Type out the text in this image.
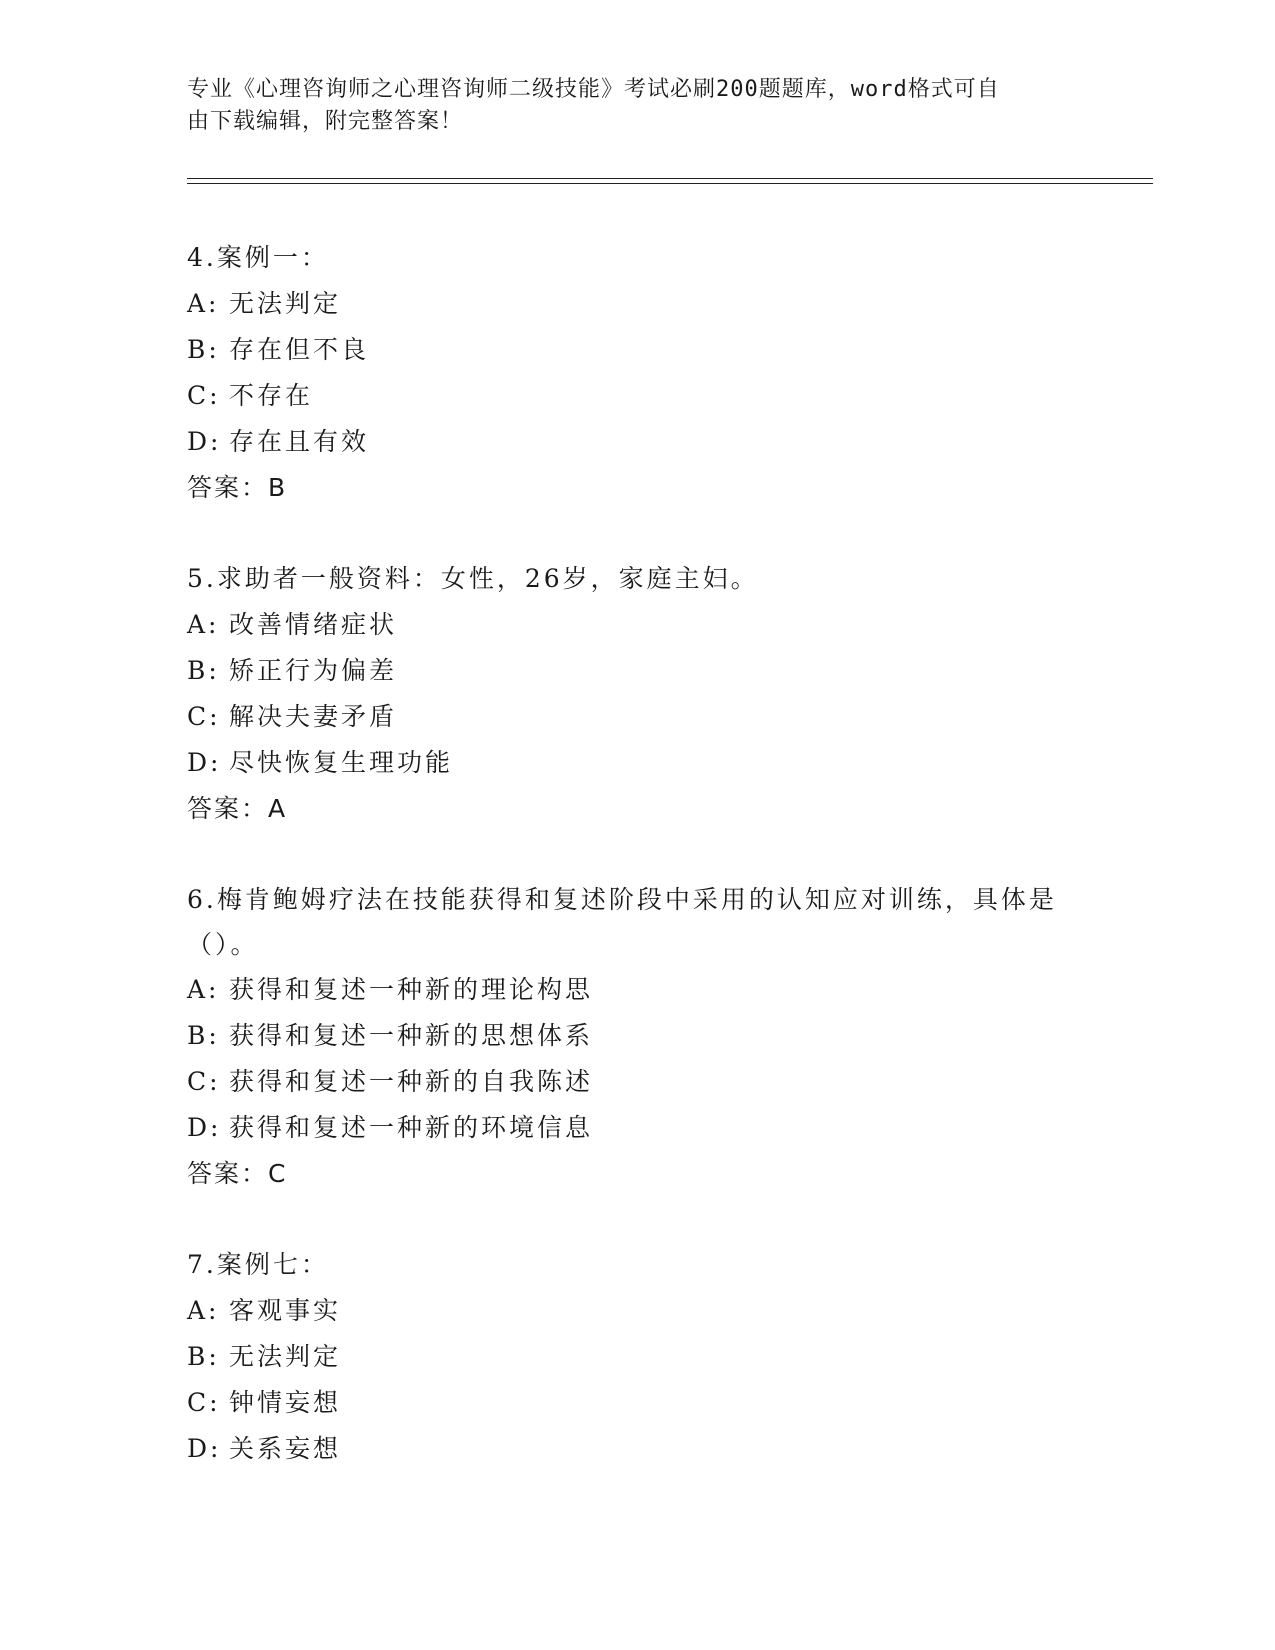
专业《心理咨询师之心理咨询师二级技能》考试必刷200题题库，word格式可自
由下载编辑，附完整答案！

4.案例一：

A: 无法判定

B: 存在但不良

C: 不存在

D: 存在且有效

答案：B

5.求助者一般资料：女性，26岁，家庭主妇。

A: 改善情绪症状

B: 矫正行为偏差

C: 解决夫妻矛盾

D: 尽快恢复生理功能

答案：A

6.梅肯鲍姆疗法在技能获得和复述阶段中采用的认知应对训练，具体是（）。

A: 获得和复述一种新的理论构思

B: 获得和复述一种新的思想体系

C: 获得和复述一种新的自我陈述

D: 获得和复述一种新的环境信息

答案：C

7.案例七：

A: 客观事实

B: 无法判定

C: 钟情妄想

D: 关系妄想
